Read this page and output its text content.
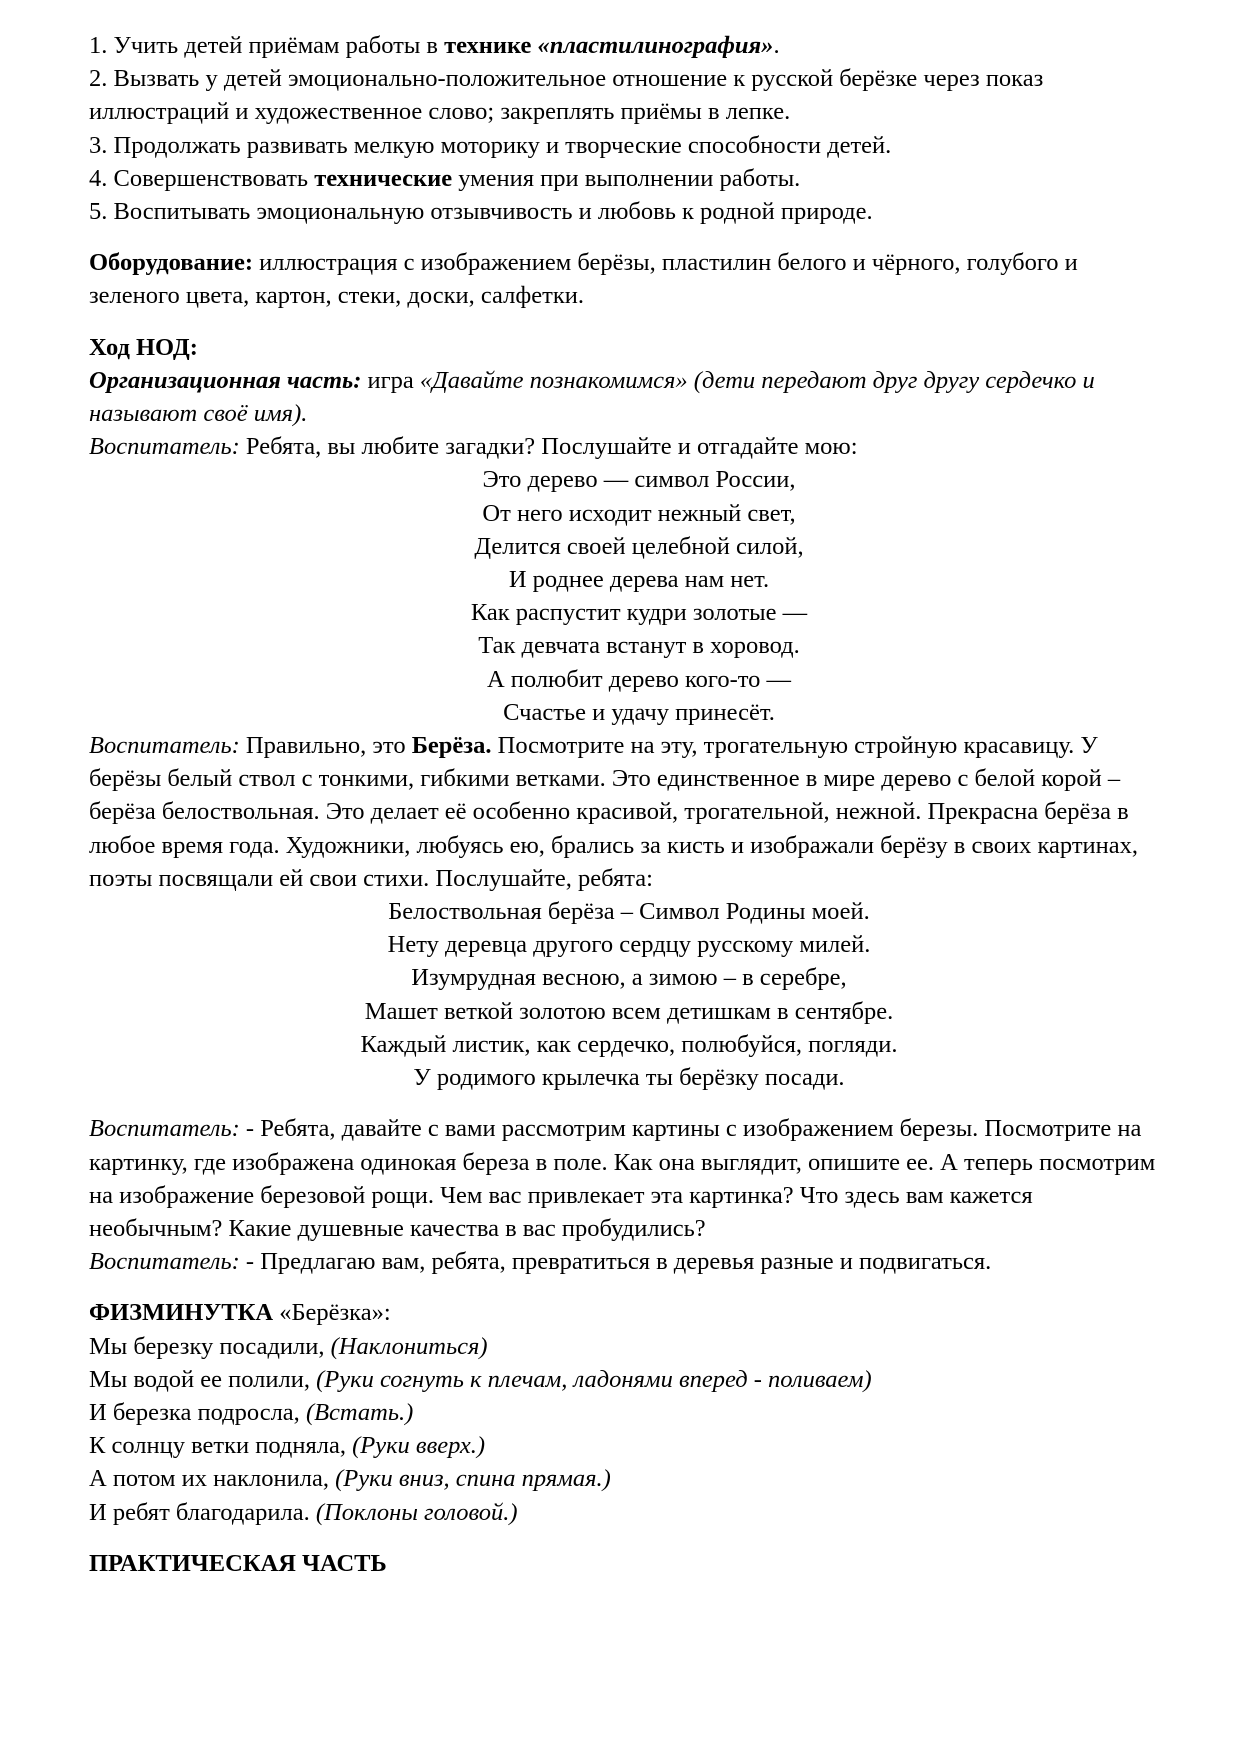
1. Учить детей приёмам работы в технике «пластилинография».

2. Вызвать у детей эмоционально-положительное отношение к русской берёзке через показ иллюстраций и художественное слово; закреплять приёмы в лепке.

3. Продолжать развивать мелкую моторику и творческие способности детей.

4. Совершенствовать технические умения при выполнении работы.

5. Воспитывать эмоциональную отзывчивость и любовь к родной природе.

Оборудование: иллюстрация с изображением берёзы, пластилин белого и чёрного, голубого и зеленого цвета, картон, стеки, доски, салфетки.

Ход НОД:

Организационная часть: игра «Давайте познакомимся» (дети передают друг другу сердечко и называют своё имя).

Воспитатель: Ребята, вы любите загадки? Послушайте и отгадайте мою:

Это дерево — символ России,

От него исходит нежный свет,

Делится своей целебной силой,

И роднее дерева нам нет.

Как распустит кудри золотые —

Так девчата встанут в хоровод.

А полюбит дерево кого-то —

Счастье и удачу принесёт.

Воспитатель: Правильно, это Берёза. Посмотрите на эту, трогательную стройную красавицу. У берёзы белый ствол с тонкими, гибкими ветками. Это единственное в мире дерево с белой корой – берёза белоствольная. Это делает её особенно красивой, трогательной, нежной. Прекрасна берёза в любое время года. Художники, любуясь ею, брались за кисть и изображали берёзу в своих картинах, поэты посвящали ей свои стихи. Послушайте, ребята:

Белоствольная берёза – Символ Родины моей.

Нету деревца другого сердцу русскому милей.

Изумрудная весною, а зимою – в серебре,

Машет веткой золотою всем детишкам в сентябре.

Каждый листик, как сердечко, полюбуйся, погляди.

У родимого крылечка ты берёзку посади.

Воспитатель: - Ребята, давайте с вами рассмотрим картины с изображением березы. Посмотрите на картинку, где изображена одинокая береза в поле. Как она выглядит, опишите ее. А теперь посмотрим на изображение березовой рощи. Чем вас привлекает эта картинка? Что здесь вам кажется необычным? Какие душевные качества в вас пробудились?

Воспитатель: - Предлагаю вам, ребята, превратиться в деревья разные и подвигаться.

ФИЗМИНУТКА «Берёзка»:

Мы березку посадили, (Наклониться)

Мы водой ее полили, (Руки согнуть к плечам, ладонями вперед - поливаем)

И березка подросла, (Встать.)

К солнцу ветки подняла, (Руки вверх.)

А потом их наклонила, (Руки вниз, спина прямая.)

И ребят благодарила. (Поклоны головой.)

ПРАКТИЧЕСКАЯ ЧАСТЬ
